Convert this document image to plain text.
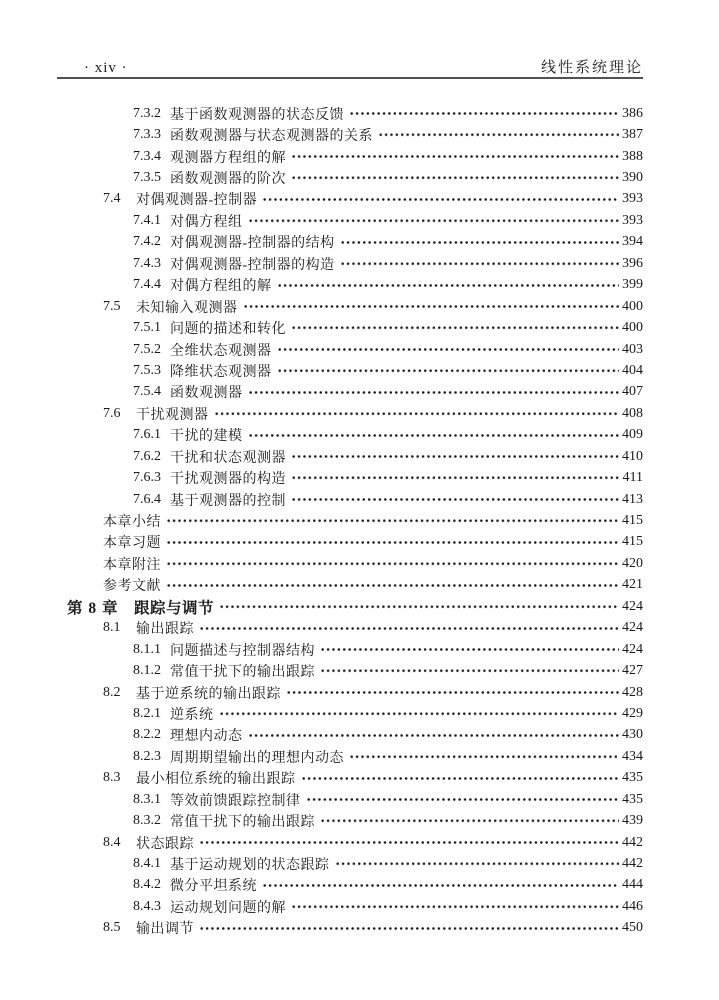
· xiv ·	线性系统理论
7.3.2 基于函数观测器的状态反馈	386
7.3.3 函数观测器与状态观测器的关系	387
7.3.4 观测器方程组的解	388
7.3.5 函数观测器的阶次	390
7.4	对偶观测器-控制器	393
7.4.1 对偶方程组	393
7.4.2 对偶观测器-控制器的结构	394
7.4.3 对偶观测器-控制器的构造	396
7.4.4 对偶方程组的解	399
7.5	未知输入观测器	400
7.5.1 问题的描述和转化	400
7.5.2 全维状态观测器	403
7.5.3 降维状态观测器	404
7.5.4 函数观测器	407
7.6	干扰观测器	408
7.6.1 干扰的建模	409
7.6.2 干扰和状态观测器	410
7.6.3 干扰观测器的构造	411
7.6.4 基于观测器的控制	413
本章小结	415
本章习题	415
本章附注	420
参考文献	421
第 8 章 跟踪与调节	424
8.1	输出跟踪	424
8.1.1 问题描述与控制器结构	424
8.1.2 常值干扰下的输出跟踪	427
8.2	基于逆系统的输出跟踪	428
8.2.1 逆系统	429
8.2.2 理想内动态	430
8.2.3 周期期望输出的理想内动态	434
8.3	最小相位系统的输出跟踪	435
8.3.1 等效前馈跟踪控制律	435
8.3.2 常值干扰下的输出跟踪	439
8.4	状态跟踪	442
8.4.1 基于运动规划的状态跟踪	442
8.4.2 微分平坦系统	444
8.4.3 运动规划问题的解	446
8.5	输出调节	450
